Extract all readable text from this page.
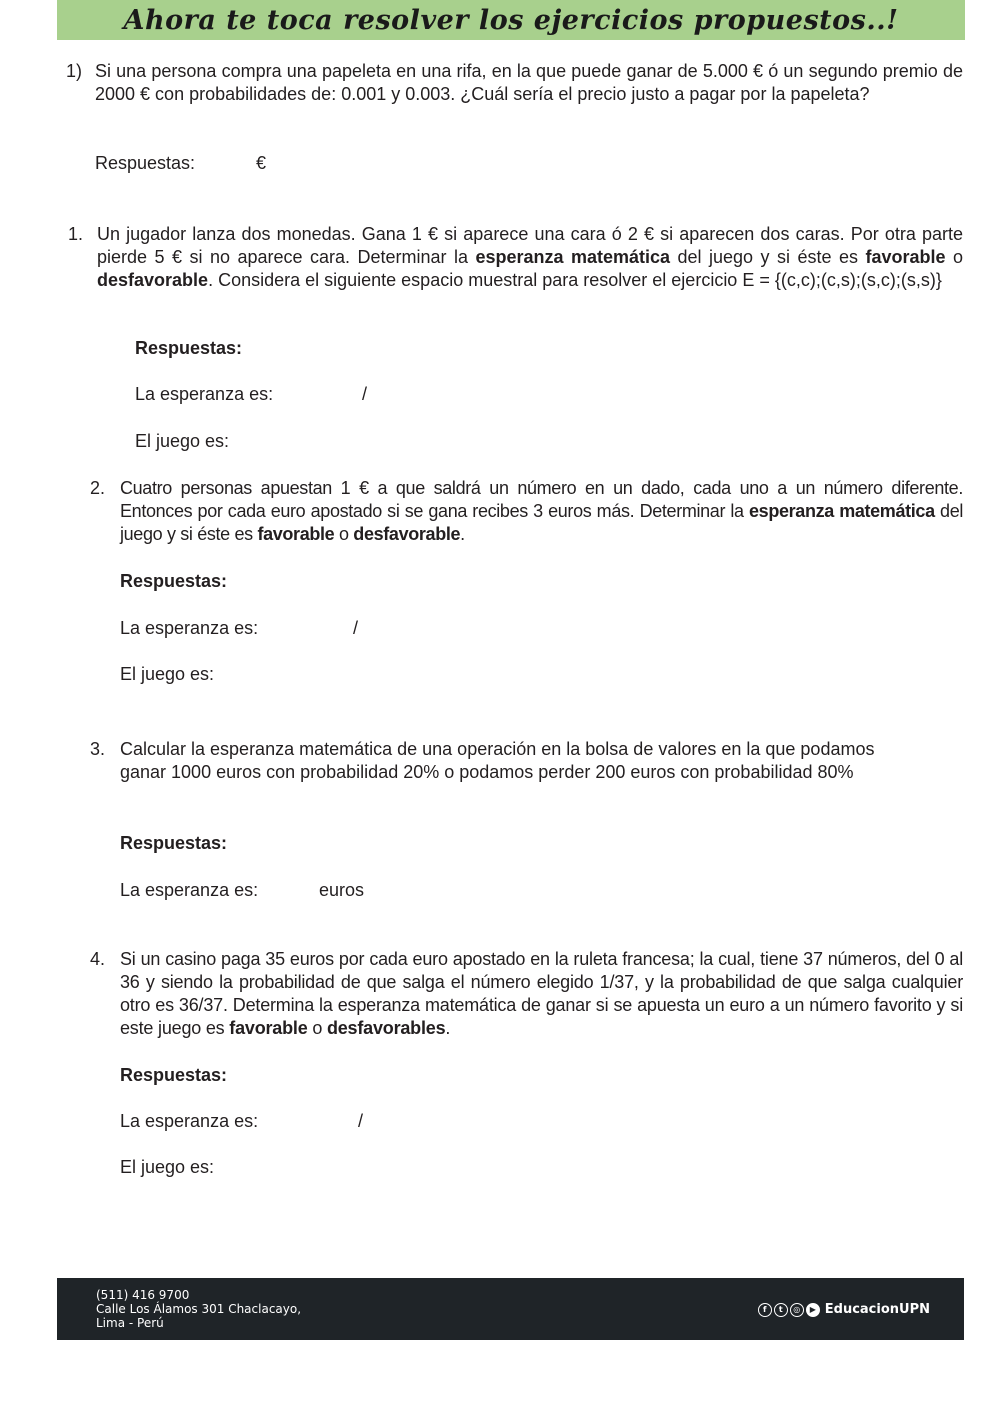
Ahora te toca resolver los ejercicios propuestos..!
1) Si una persona compra una papeleta en una rifa, en la que puede ganar de 5.000 € ó un segundo premio de 2000 € con probabilidades de: 0.001 y 0.003. ¿Cuál sería el precio justo a pagar por la papeleta?
Respuestas:	€
1. Un jugador lanza dos monedas. Gana 1 € si aparece una cara ó 2 € si aparecen dos caras. Por otra parte pierde 5 € si no aparece cara. Determinar la esperanza matemática del juego y si éste es favorable o desfavorable. Considera el siguiente espacio muestral para resolver el ejercicio E = {(c,c);(c,s);(s,c);(s,s)}
Respuestas:
La esperanza es:	/
El juego es:
2. Cuatro personas apuestan 1 € a que saldrá un número en un dado, cada uno a un número diferente. Entonces por cada euro apostado si se gana recibes 3 euros más. Determinar la esperanza matemática del juego y si éste es favorable o desfavorable.
Respuestas:
La esperanza es:	/
El juego es:
3. Calcular la esperanza matemática de una operación en la bolsa de valores en la que podamos ganar 1000 euros con probabilidad 20% o podamos perder 200 euros con probabilidad 80%
Respuestas:
La esperanza es:	euros
4. Si un casino paga 35 euros por cada euro apostado en la ruleta francesa; la cual, tiene 37 números, del 0 al 36 y siendo la probabilidad de que salga el número elegido 1/37, y la probabilidad de que salga cualquier otro es 36/37. Determina la esperanza matemática de ganar si se apuesta un euro a un número favorito y si este juego es favorable o desfavorables.
Respuestas:
La esperanza es:	/
El juego es:
(511) 416 9700
Calle Los Álamos 301 Chaclacayo,
Lima - Perú
f	t	◎	▶ EducacionUPN
